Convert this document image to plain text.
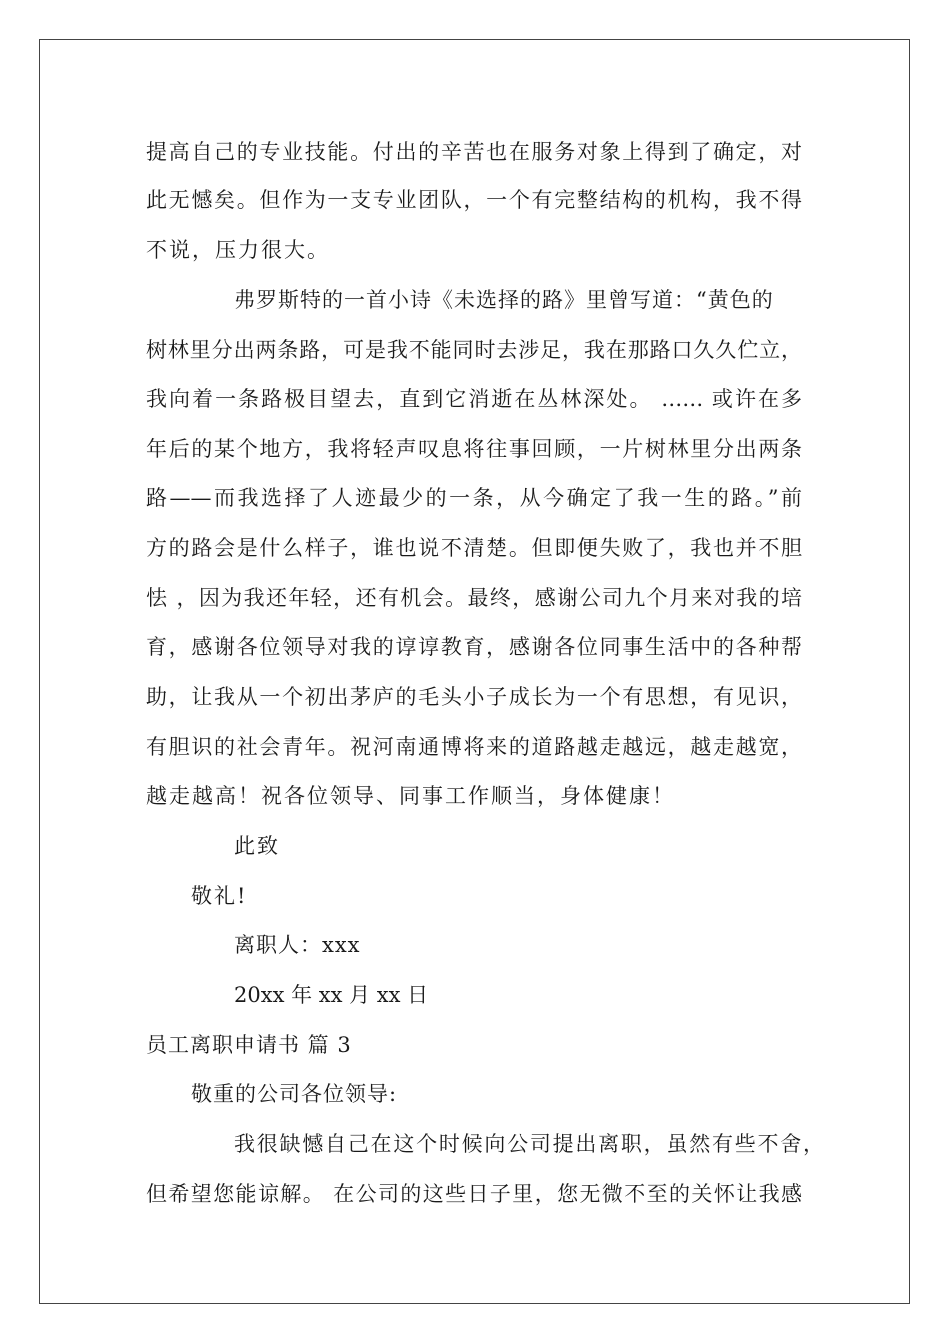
提高自己的专业技能。付出的辛苦也在服务对象上得到了确定，对
此无憾矣。但作为一支专业团队，一个有完整结构的机构，我不得
不说，压力很大。
弗罗斯特的一首小诗《未选择的路》里曾写道：“黄色的
树林里分出两条路，可是我不能同时去涉足，我在那路口久久伫立，
我向着一条路极目望去，直到它消逝在丛林深处。 …… 或许在多
年后的某个地方，我将轻声叹息将往事回顾，一片树林里分出两条
路——而我选择了人迹最少的一条，从今确定了我一生的路。”前
方的路会是什么样子，谁也说不清楚。但即便失败了，我也并不胆
怯 ，因为我还年轻，还有机会。最终，感谢公司九个月来对我的培
育，感谢各位领导对我的谆谆教育，感谢各位同事生活中的各种帮
助，让我从一个初出茅庐的毛头小子成长为一个有思想，有见识，
有胆识的社会青年。祝河南通博将来的道路越走越远，越走越宽，
越走越高！祝各位领导、同事工作顺当，身体健康！
此致
敬礼!
离职人：xxx
20xx 年 xx 月 xx 日
员工离职申请书 篇 3
敬重的公司各位领导:
我很缺憾自己在这个时候向公司提出离职，虽然有些不舍，
但希望您能谅解。 在公司的这些日子里，您无微不至的关怀让我感
